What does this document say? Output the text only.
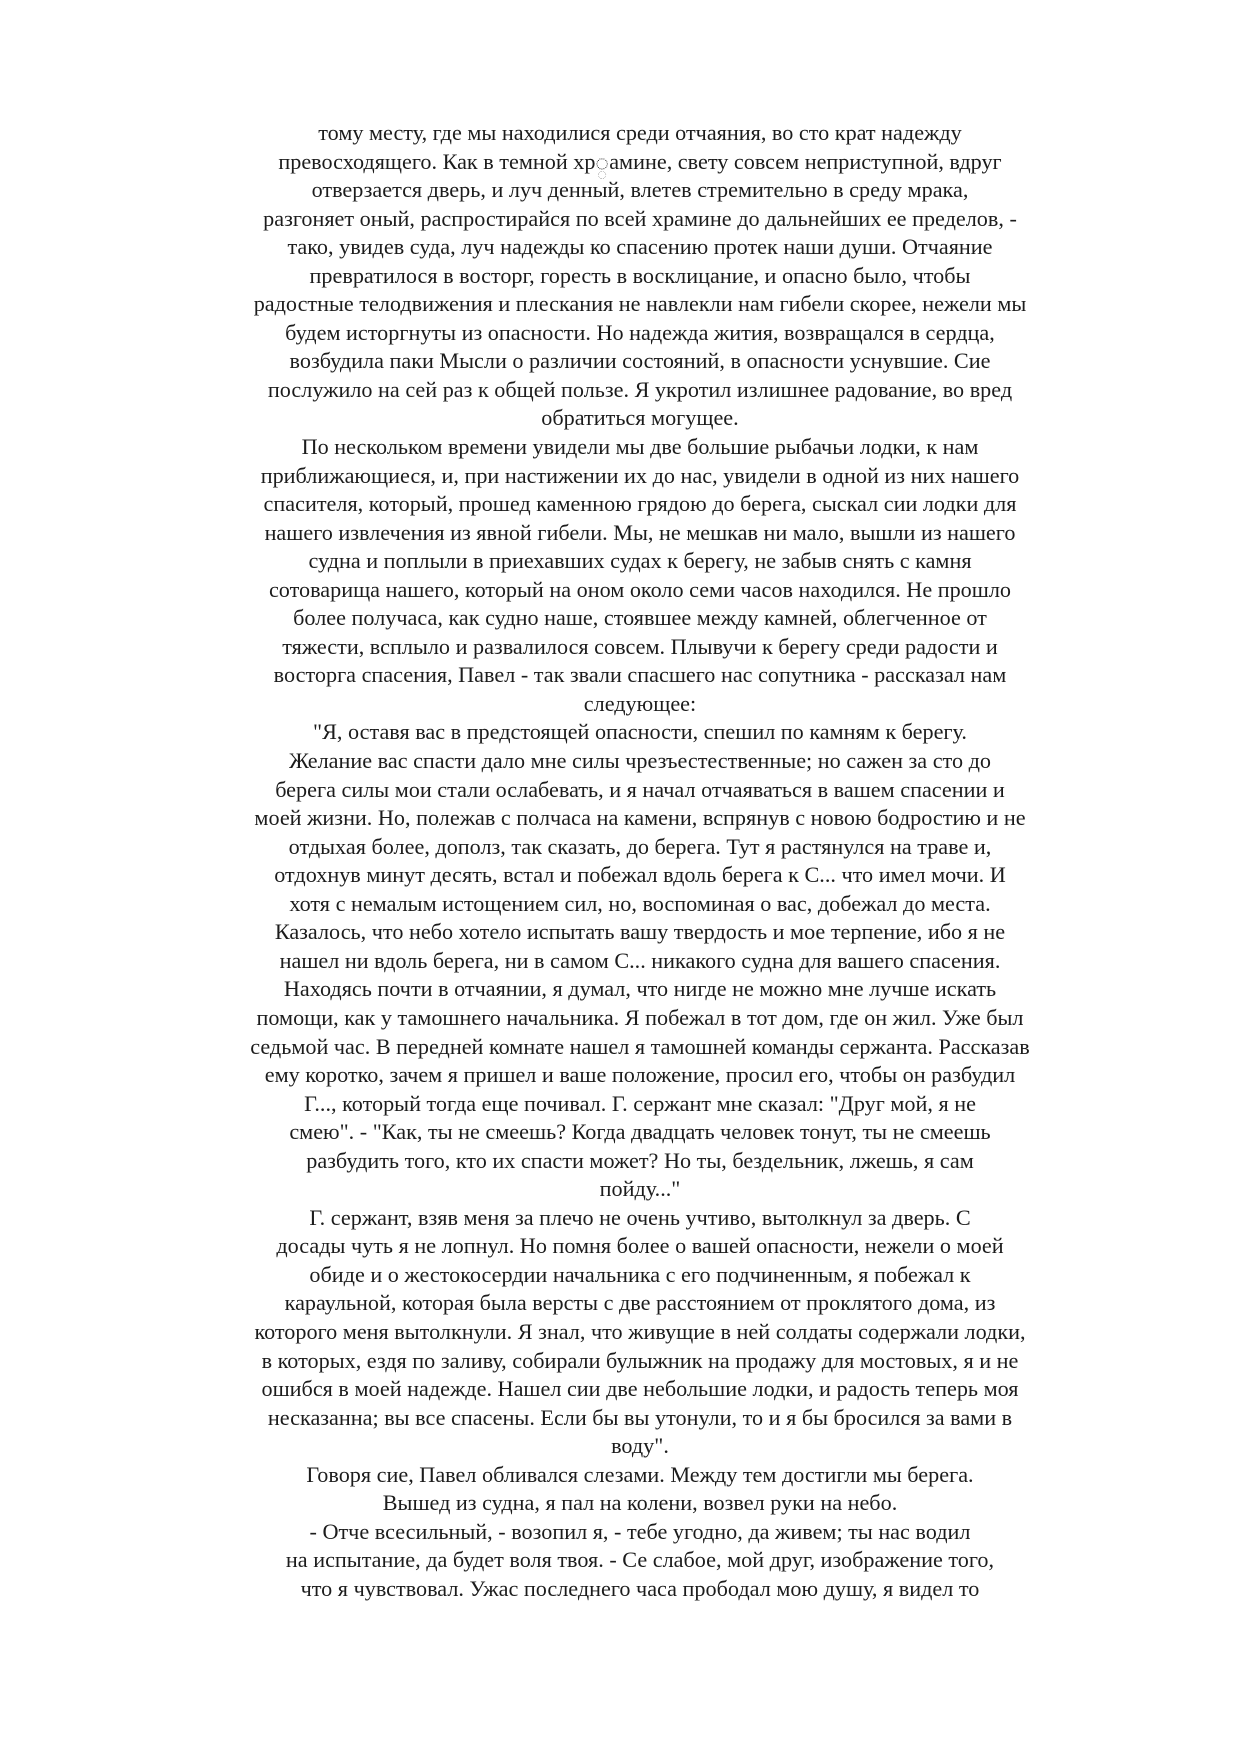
тому месту, где мы находилися среди отчаяния, во сто крат надежду
превосходящего. Как в темной хр္амине, свету совсем неприступной, вдруг
отверзается дверь, и луч денный, влетев стремительно в среду мрака,
разгоняет оный, распростирайся по всей храмине до дальнейших ее пределов, -
тако, увидев суда, луч надежды ко спасению протек наши души. Отчаяние
превратилося в восторг, горесть в восклицание, и опасно было, чтобы
радостные телодвижения и плескания не навлекли нам гибели скорее, нежели мы
будем исторгнуты из опасности. Но надежда жития, возвращался в сердца,
возбудила паки Мысли о различии состояний, в опасности уснувшие. Сие
послужило на сей раз к общей пользе. Я укротил излишнее радование, во вред
обратиться могущее.
По нескольком времени увидели мы две большие рыбачьи лодки, к нам
приближающиеся, и, при настижении их до нас, увидели в одной из них нашего
спасителя, который, прошед каменною грядою до берега, сыскал сии лодки для
нашего извлечения из явной гибели. Мы, не мешкав ни мало, вышли из нашего
судна и поплыли в приехавших судах к берегу, не забыв снять с камня
сотоварища нашего, который на оном около семи часов находился. Не прошло
более получаса, как судно наше, стоявшее между камней, облегченное от
тяжести, всплыло и развалилося совсем. Плывучи к берегу среди радости и
восторга спасения, Павел - так звали спасшего нас сопутника - рассказал нам
следующее:
"Я, оставя вас в предстоящей опасности, спешил по камням к берегу.
Желание вас спасти дало мне силы чрезъестественные; но сажен за сто до
берега силы мои стали ослабевать, и я начал отчаяваться в вашем спасении и
моей жизни. Но, полежав с полчаса на камени, вспрянув с новою бодростию и не
отдыхая более, дополз, так сказать, до берега. Тут я растянулся на траве и,
отдохнув минут десять, встал и побежал вдоль берега к С... что имел мочи. И
хотя с немалым истощением сил, но, воспоминая о вас, добежал до места.
Казалось, что небо хотело испытать вашу твердость и мое терпение, ибо я не
нашел ни вдоль берега, ни в самом С... никакого судна для вашего спасения.
Находясь почти в отчаянии, я думал, что нигде не можно мне лучше искать
помощи, как у тамошнего начальника. Я побежал в тот дом, где он жил. Уже был
седьмой час. В передней комнате нашел я тамошней команды сержанта. Рассказав
ему коротко, зачем я пришел и ваше положение, просил его, чтобы он разбудил
Г..., который тогда еще почивал. Г. сержант мне сказал: "Друг мой, я не
смею". - "Как, ты не смеешь? Когда двадцать человек тонут, ты не смеешь
разбудить того, кто их спасти может? Но ты, бездельник, лжешь, я сам
пойду..."
Г. сержант, взяв меня за плечо не очень учтиво, вытолкнул за дверь. С
досады чуть я не лопнул. Но помня более о вашей опасности, нежели о моей
обиде и о жестокосердии начальника с его подчиненным, я побежал к
караульной, которая была версты с две расстоянием от проклятого дома, из
которого меня вытолкнули. Я знал, что живущие в ней солдаты содержали лодки,
в которых, ездя по заливу, собирали булыжник на продажу для мостовых, я и не
ошибся в моей надежде. Нашел сии две небольшие лодки, и радость теперь моя
несказанна; вы все спасены. Если бы вы утонули, то и я бы бросился за вами в
воду".
Говоря сие, Павел обливался слезами. Между тем достигли мы берега.
Вышед из судна, я пал на колени, возвел руки на небо.
- Отче всесильный, - возопил я, - тебе угодно, да живем; ты нас водил
на испытание, да будет воля твоя. - Се слабое, мой друг, изображение того,
что я чувствовал. Ужас последнего часа прободал мою душу, я видел то
